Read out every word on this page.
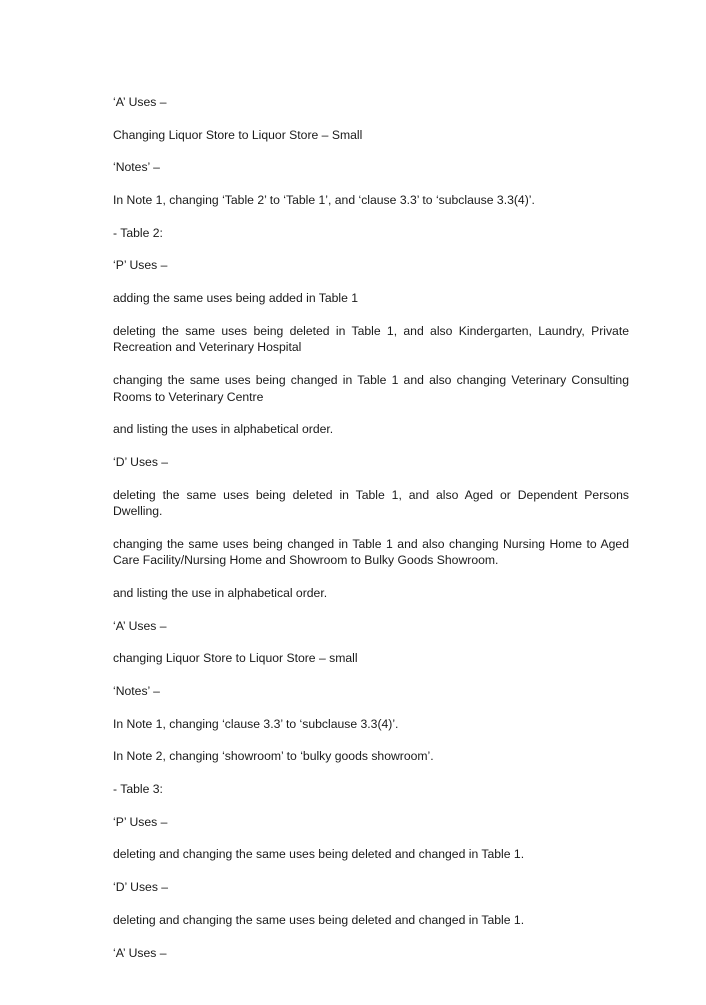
‘A’ Uses –

Changing Liquor Store to Liquor Store – Small

‘Notes’ –

In Note 1, changing ‘Table 2’ to ‘Table 1’, and ‘clause 3.3’ to ‘subclause 3.3(4)’.

- Table 2:

‘P’ Uses –

adding the same uses being added in Table 1

deleting the same uses being deleted in Table 1, and also Kindergarten, Laundry, Private Recreation and Veterinary Hospital

changing the same uses being changed in Table 1 and also changing Veterinary Consulting Rooms to Veterinary Centre

and listing the uses in alphabetical order.

‘D’ Uses –

deleting the same uses being deleted in Table 1, and also Aged or Dependent Persons Dwelling.

changing the same uses being changed in Table 1 and also changing Nursing Home to Aged Care Facility/Nursing Home and Showroom to Bulky Goods Showroom.

and listing the use in alphabetical order.

‘A’ Uses –

changing Liquor Store to Liquor Store – small

‘Notes’ –

In Note 1, changing ‘clause 3.3’ to ‘subclause 3.3(4)’.

In Note 2, changing ‘showroom’ to ‘bulky goods showroom’.

- Table 3:

‘P’ Uses –

deleting and changing the same uses being deleted and changed in Table 1.

‘D’ Uses –

deleting and changing the same uses being deleted and changed in Table 1.

‘A’ Uses –
